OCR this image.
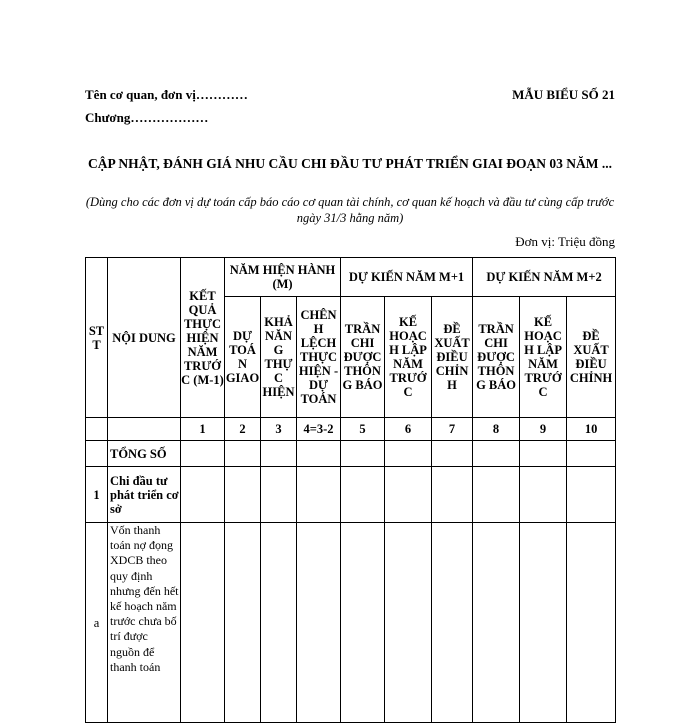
Tên cơ quan, đơn vị…………
Chương………………
MẪU BIỂU SỐ 21
CẬP NHẬT, ĐÁNH GIÁ NHU CẦU CHI ĐẦU TƯ PHÁT TRIỂN GIAI ĐOẠN 03 NĂM ...
(Dùng cho các đơn vị dự toán cấp báo cáo cơ quan tài chính, cơ quan kế hoạch và đầu tư cùng cấp trước ngày 31/3 hằng năm)
Đơn vị: Triệu đồng
STT	NỘI DUNG	KẾT QUẢ THỰC HIỆN NĂM TRƯỚC (M-1)	NĂM HIỆN HÀNH (M)			DỰ KIẾN NĂM M+1			DỰ KIẾN NĂM M+2		
			DỰ TOÁN GIAO	KHẢ NĂNG THỰC HIỆN	CHÊNH LỆCH THỰC HIỆN - DỰ TOÁN	TRẦN CHI ĐƯỢC THÔNG BÁO	KẾ HOẠCH LẬP NĂM TRƯỚC	ĐỀ XUẤT ĐIỀU CHỈNH	TRẦN CHI ĐƯỢC THÔNG BÁO	KẾ HOẠCH LẬP NĂM TRƯỚC	ĐỀ XUẤT ĐIỀU CHỈNH
		1	2	3	4=3-2	5	6	7	8	9	10
	TỔNG SỐ										
1	Chi đầu tư phát triển cơ sở										
a	Vốn thanh toán nợ đọng XDCB theo quy định nhưng đến hết kế hoạch năm trước chưa bố trí được nguồn để thanh toán										
